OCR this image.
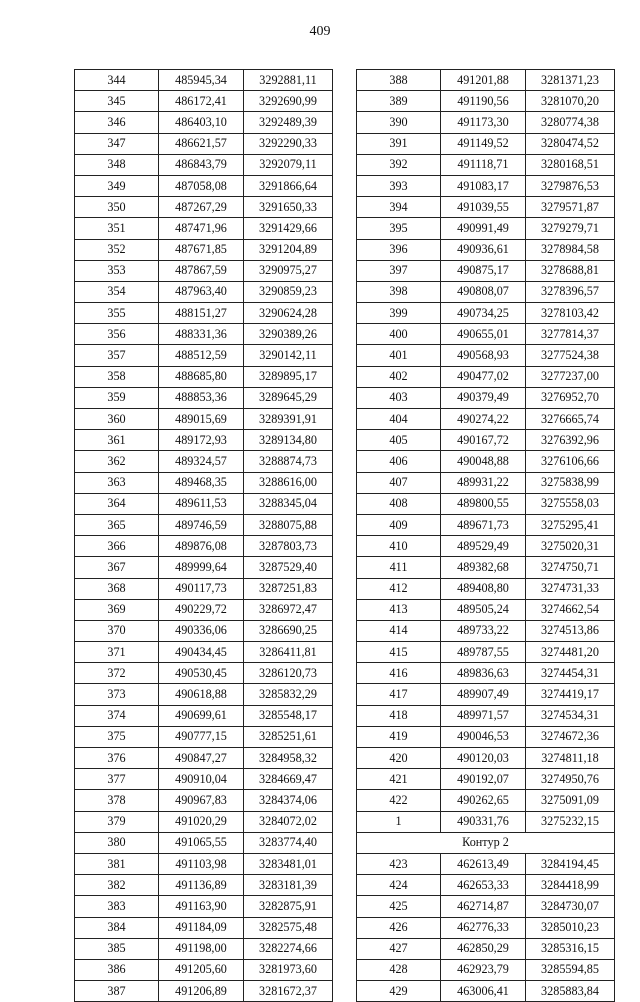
409
344	485945,34	3292881,11
345	486172,41	3292690,99
346	486403,10	3292489,39
347	486621,57	3292290,33
348	486843,79	3292079,11
349	487058,08	3291866,64
350	487267,29	3291650,33
351	487471,96	3291429,66
352	487671,85	3291204,89
353	487867,59	3290975,27
354	487963,40	3290859,23
355	488151,27	3290624,28
356	488331,36	3290389,26
357	488512,59	3290142,11
358	488685,80	3289895,17
359	488853,36	3289645,29
360	489015,69	3289391,91
361	489172,93	3289134,80
362	489324,57	3288874,73
363	489468,35	3288616,00
364	489611,53	3288345,04
365	489746,59	3288075,88
366	489876,08	3287803,73
367	489999,64	3287529,40
368	490117,73	3287251,83
369	490229,72	3286972,47
370	490336,06	3286690,25
371	490434,45	3286411,81
372	490530,45	3286120,73
373	490618,88	3285832,29
374	490699,61	3285548,17
375	490777,15	3285251,61
376	490847,27	3284958,32
377	490910,04	3284669,47
378	490967,83	3284374,06
379	491020,29	3284072,02
380	491065,55	3283774,40
381	491103,98	3283481,01
382	491136,89	3283181,39
383	491163,90	3282875,91
384	491184,09	3282575,48
385	491198,00	3282274,66
386	491205,60	3281973,60
387	491206,89	3281672,37
388	491201,88	3281371,23
389	491190,56	3281070,20
390	491173,30	3280774,38
391	491149,52	3280474,52
392	491118,71	3280168,51
393	491083,17	3279876,53
394	491039,55	3279571,87
395	490991,49	3279279,71
396	490936,61	3278984,58
397	490875,17	3278688,81
398	490808,07	3278396,57
399	490734,25	3278103,42
400	490655,01	3277814,37
401	490568,93	3277524,38
402	490477,02	3277237,00
403	490379,49	3276952,70
404	490274,22	3276665,74
405	490167,72	3276392,96
406	490048,88	3276106,66
407	489931,22	3275838,99
408	489800,55	3275558,03
409	489671,73	3275295,41
410	489529,49	3275020,31
411	489382,68	3274750,71
412	489408,80	3274731,33
413	489505,24	3274662,54
414	489733,22	3274513,86
415	489787,55	3274481,20
416	489836,63	3274454,31
417	489907,49	3274419,17
418	489971,57	3274534,31
419	490046,53	3274672,36
420	490120,03	3274811,18
421	490192,07	3274950,76
422	490262,65	3275091,09
1	490331,76	3275232,15
Контур 2		
423	462613,49	3284194,45
424	462653,33	3284418,99
425	462714,87	3284730,07
426	462776,33	3285010,23
427	462850,29	3285316,15
428	462923,79	3285594,85
429	463006,41	3285883,84
